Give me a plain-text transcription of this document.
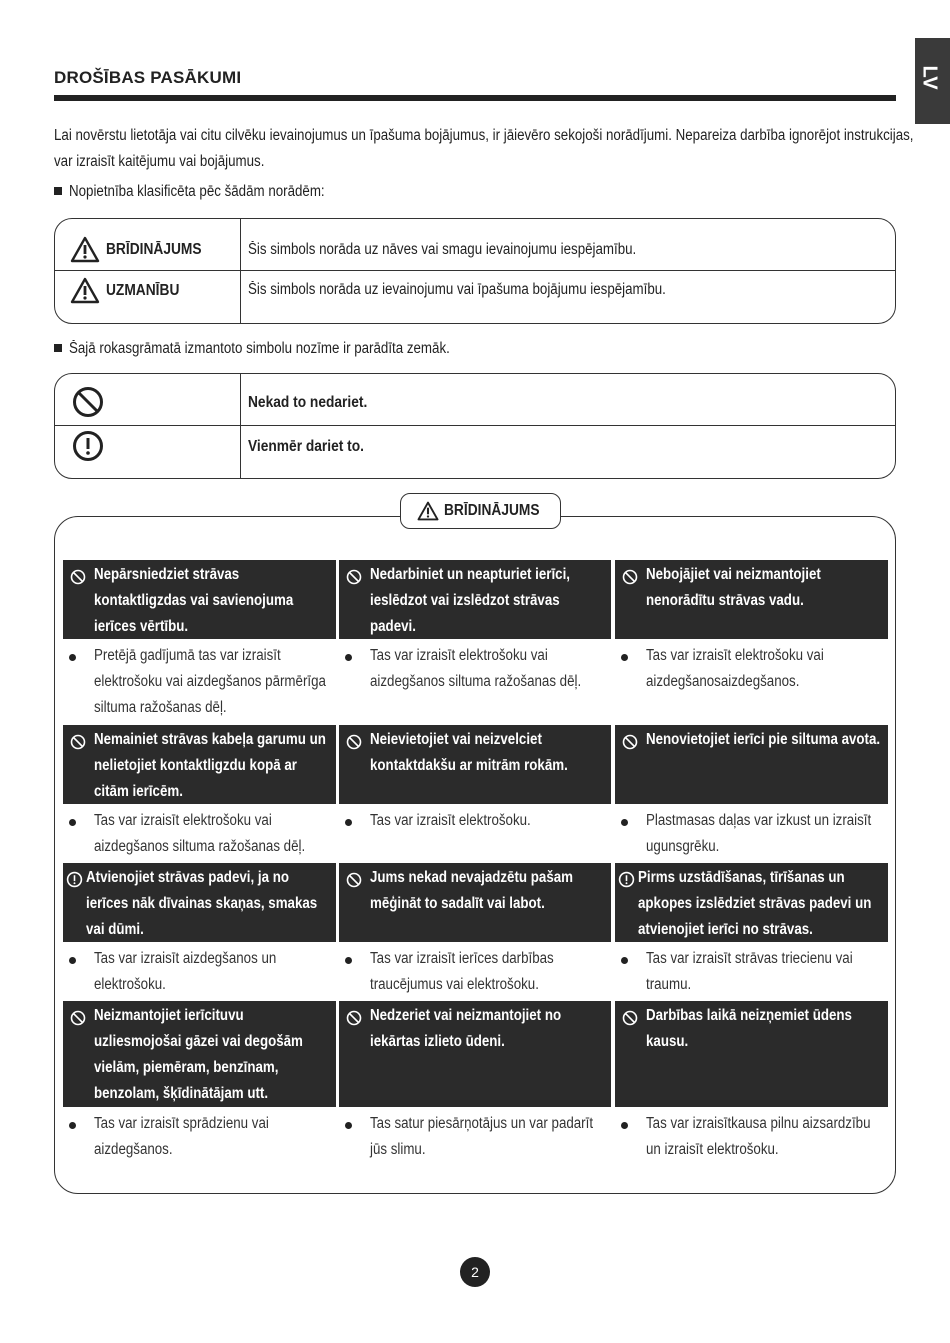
LV
DROŠĪBAS PASĀKUMI
Lai novērstu lietotāja vai citu cilvēku ievainojumus un īpašuma bojājumus, ir jāievēro sekojoši norādījumi. Nepareiza darbība ignorējot instrukcijas, var izraisīt kaitējumu vai bojājumus.
Nopietnība klasificēta pēc šādām norādēm:
BRĪDINĀJUMS	Šis simbols norāda uz nāves vai smagu ievainojumu iespējamību.
UZMANĪBU	Šis simbols norāda uz ievainojumu vai īpašuma bojājumu iespējamību.
Šajā rokasgrāmatā izmantoto simbolu nozīme ir parādīta zemāk.
Nekad to nedariet.
Vienmēr dariet to.
BRĪDINĀJUMS
Nepārsniedziet strāvas kontaktligzdas vai savienojuma ierīces vērtību.
Pretējā gadījumā tas var izraisīt elektrošoku vai aizdegšanos pārmērīga siltuma ražošanas dēļ.
Nedarbiniet un neapturiet ierīci, ieslēdzot vai izslēdzot strāvas padevi.
Tas var izraisīt elektrošoku vai aizdegšanos siltuma ražošanas dēļ.
Nebojājiet vai neizmantojiet nenorādītu strāvas vadu.
Tas var izraisīt elektrošoku vai aizdegšanosaizdegšanos.
Nemainiet strāvas kabeļa garumu un nelietojiet kontaktligzdu kopā ar citām ierīcēm.
Tas var izraisīt elektrošoku vai aizdegšanos siltuma ražošanas dēļ.
Neievietojiet vai neizvelciet kontaktdakšu ar mitrām rokām.
Tas var izraisīt elektrošoku.
Nenovietojiet ierīci pie siltuma avota.
Plastmasas daļas var izkust un izraisīt ugunsgrēku.
Atvienojiet strāvas padevi, ja no ierīces nāk dīvainas skaņas, smakas vai dūmi.
Tas var izraisīt aizdegšanos un elektrošoku.
Jums nekad nevajadzētu pašam mēģināt to sadalīt vai labot.
Tas var izraisīt ierīces darbības traucējumus vai elektrošoku.
Pirms uzstādīšanas, tīrīšanas un apkopes izslēdziet strāvas padevi un atvienojiet ierīci no strāvas.
Tas var izraisīt strāvas triecienu vai traumu.
Neizmantojiet ierīcituvu uzliesmojošai gāzei vai degošām vielām, piemēram, benzīnam, benzolam, šķīdinātājam utt.
Tas var izraisīt sprādzienu vai aizdegšanos.
Nedzeriet vai neizmantojiet no iekārtas izlieto ūdeni.
Tas satur piesārņotājus un var padarīt jūs slimu.
Darbības laikā neizņemiet ūdens kausu.
Tas var izraisītkausa pilnu aizsardzību un izraisīt elektrošoku.
2
